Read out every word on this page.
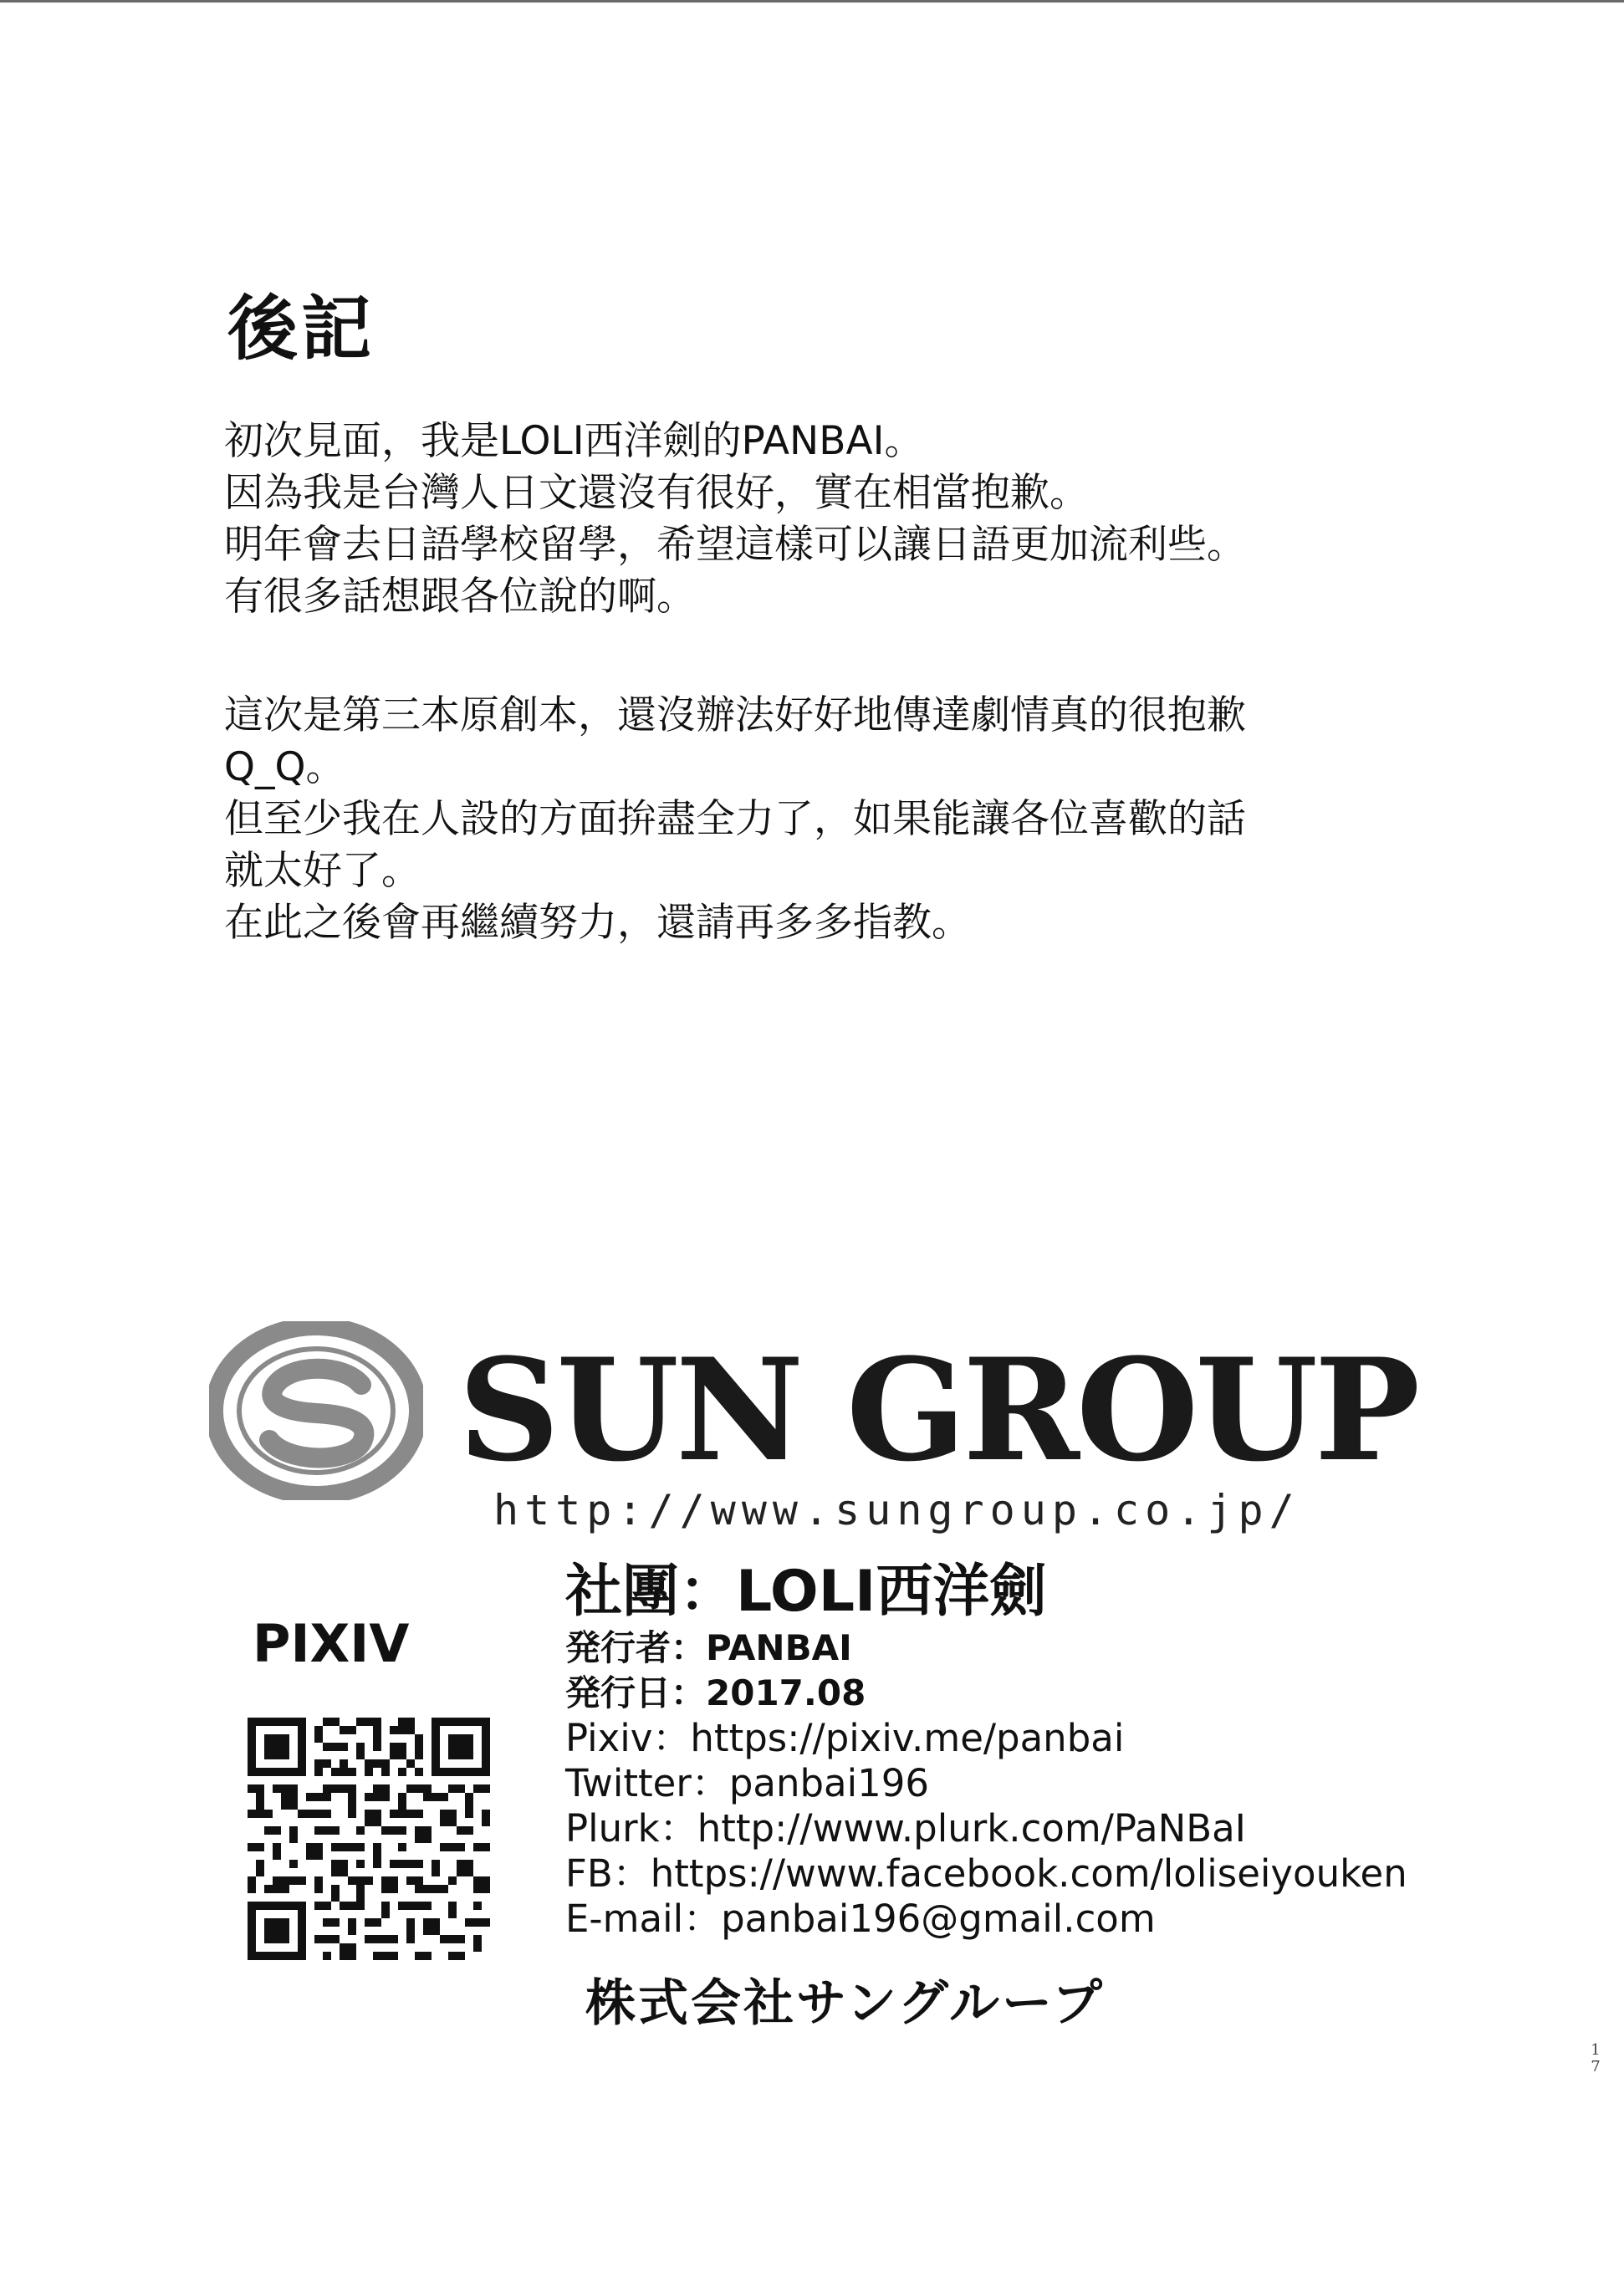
後記
初次見面，我是LOLI西洋劍的PANBAI。
因為我是台灣人日文還沒有很好，實在相當抱歉。
明年會去日語學校留學，希望這樣可以讓日語更加流利些。
有很多話想跟各位說的啊。
這次是第三本原創本，還沒辦法好好地傳達劇情真的很抱歉
Q_Q。
但至少我在人設的方面拚盡全力了，如果能讓各位喜歡的話
就太好了。
在此之後會再繼續努力，還請再多多指教。
SUN GROUP
http://www.sungroup.co.jp/
PIXIV
社團：LOLI西洋劍
発行者：PANBAI
発行日：2017.08
Pixiv：https://pixiv.me/panbai
Twitter：panbai196
Plurk：http://www.plurk.com/PaNBaI
FB：https://www.facebook.com/loliseiyouken
E-mail：panbai196@gmail.com
株式会社サングループ
1
7
